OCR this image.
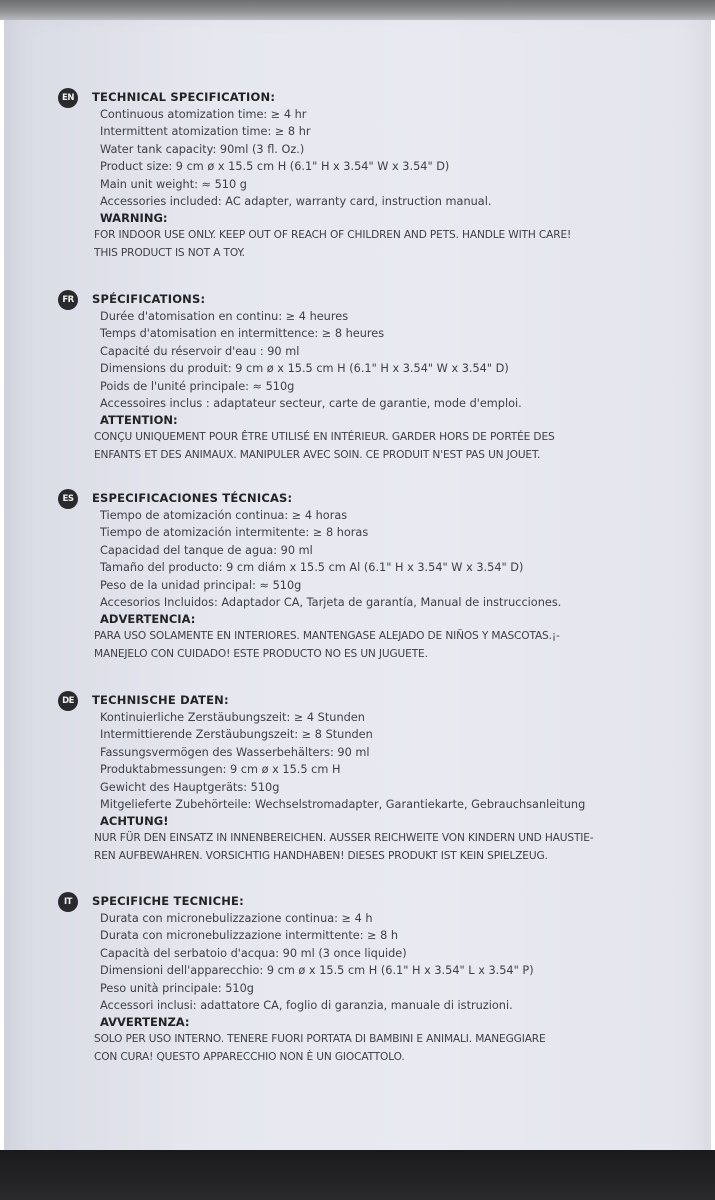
EN	TECHNICAL SPECIFICATION:
Continuous atomization time: ≥ 4 hr
Intermittent atomization time: ≥ 8 hr
Water tank capacity: 90ml (3 fl. Oz.)
Product size: 9 cm ø x 15.5 cm H (6.1" H x 3.54" W x 3.54" D)
Main unit weight: ≈ 510 g
Accessories included: AC adapter, warranty card, instruction manual.
WARNING:
FOR INDOOR USE ONLY. KEEP OUT OF REACH OF CHILDREN AND PETS. HANDLE WITH CARE!
THIS PRODUCT IS NOT A TOY.
FR	SPÉCIFICATIONS:
Durée d'atomisation en continu: ≥ 4 heures
Temps d'atomisation en intermittence: ≥ 8 heures
Capacité du réservoir d'eau : 90 ml
Dimensions du produit: 9 cm ø x 15.5 cm H (6.1" H x 3.54" W x 3.54" D)
Poids de l'unité principale: ≈ 510g
Accessoires inclus : adaptateur secteur, carte de garantie, mode d'emploi.
ATTENTION:
CONÇU UNIQUEMENT POUR ÊTRE UTILISÉ EN INTÉRIEUR. GARDER HORS DE PORTÉE DES
ENFANTS ET DES ANIMAUX. MANIPULER AVEC SOIN. CE PRODUIT N'EST PAS UN JOUET.
ES	ESPECIFICACIONES TÉCNICAS:
Tiempo de atomización continua: ≥ 4 horas
Tiempo de atomización intermitente: ≥ 8 horas
Capacidad del tanque de agua: 90 ml
Tamaño del producto: 9 cm diám x 15.5 cm Al (6.1" H x 3.54" W x 3.54" D)
Peso de la unidad principal: ≈ 510g
Accesorios Incluidos: Adaptador CA, Tarjeta de garantía, Manual de instrucciones.
ADVERTENCIA:
PARA USO SOLAMENTE EN INTERIORES. MANTENGASE ALEJADO DE NIÑOS Y MASCOTAS.¡-
MANEJELO CON CUIDADO! ESTE PRODUCTO NO ES UN JUGUETE.
DE	TECHNISCHE DATEN:
Kontinuierliche Zerstäubungszeit: ≥ 4 Stunden
Intermittierende Zerstäubungszeit: ≥ 8 Stunden
Fassungsvermögen des Wasserbehälters: 90 ml
Produktabmessungen: 9 cm ø x 15.5 cm H
Gewicht des Hauptgeräts: 510g
Mitgelieferte Zubehörteile: Wechselstromadapter, Garantiekarte, Gebrauchsanleitung
ACHTUNG!
NUR FÜR DEN EINSATZ IN INNENBEREICHEN. AUSSER REICHWEITE VON KINDERN UND HAUSTIE-
REN AUFBEWAHREN. VORSICHTIG HANDHABEN! DIESES PRODUKT IST KEIN SPIELZEUG.
IT	SPECIFICHE TECNICHE:
Durata con micronebulizzazione continua: ≥ 4 h
Durata con micronebulizzazione intermittente: ≥ 8 h
Capacità del serbatoio d'acqua: 90 ml (3 once liquide)
Dimensioni dell'apparecchio: 9 cm ø x 15.5 cm H (6.1" H x 3.54" L x 3.54" P)
Peso unità principale: 510g
Accessori inclusi: adattatore CA, foglio di garanzia, manuale di istruzioni.
AVVERTENZA:
SOLO PER USO INTERNO. TENERE FUORI PORTATA DI BAMBINI E ANIMALI. MANEGGIARE
CON CURA! QUESTO APPARECCHIO NON È UN GIOCATTOLO.
